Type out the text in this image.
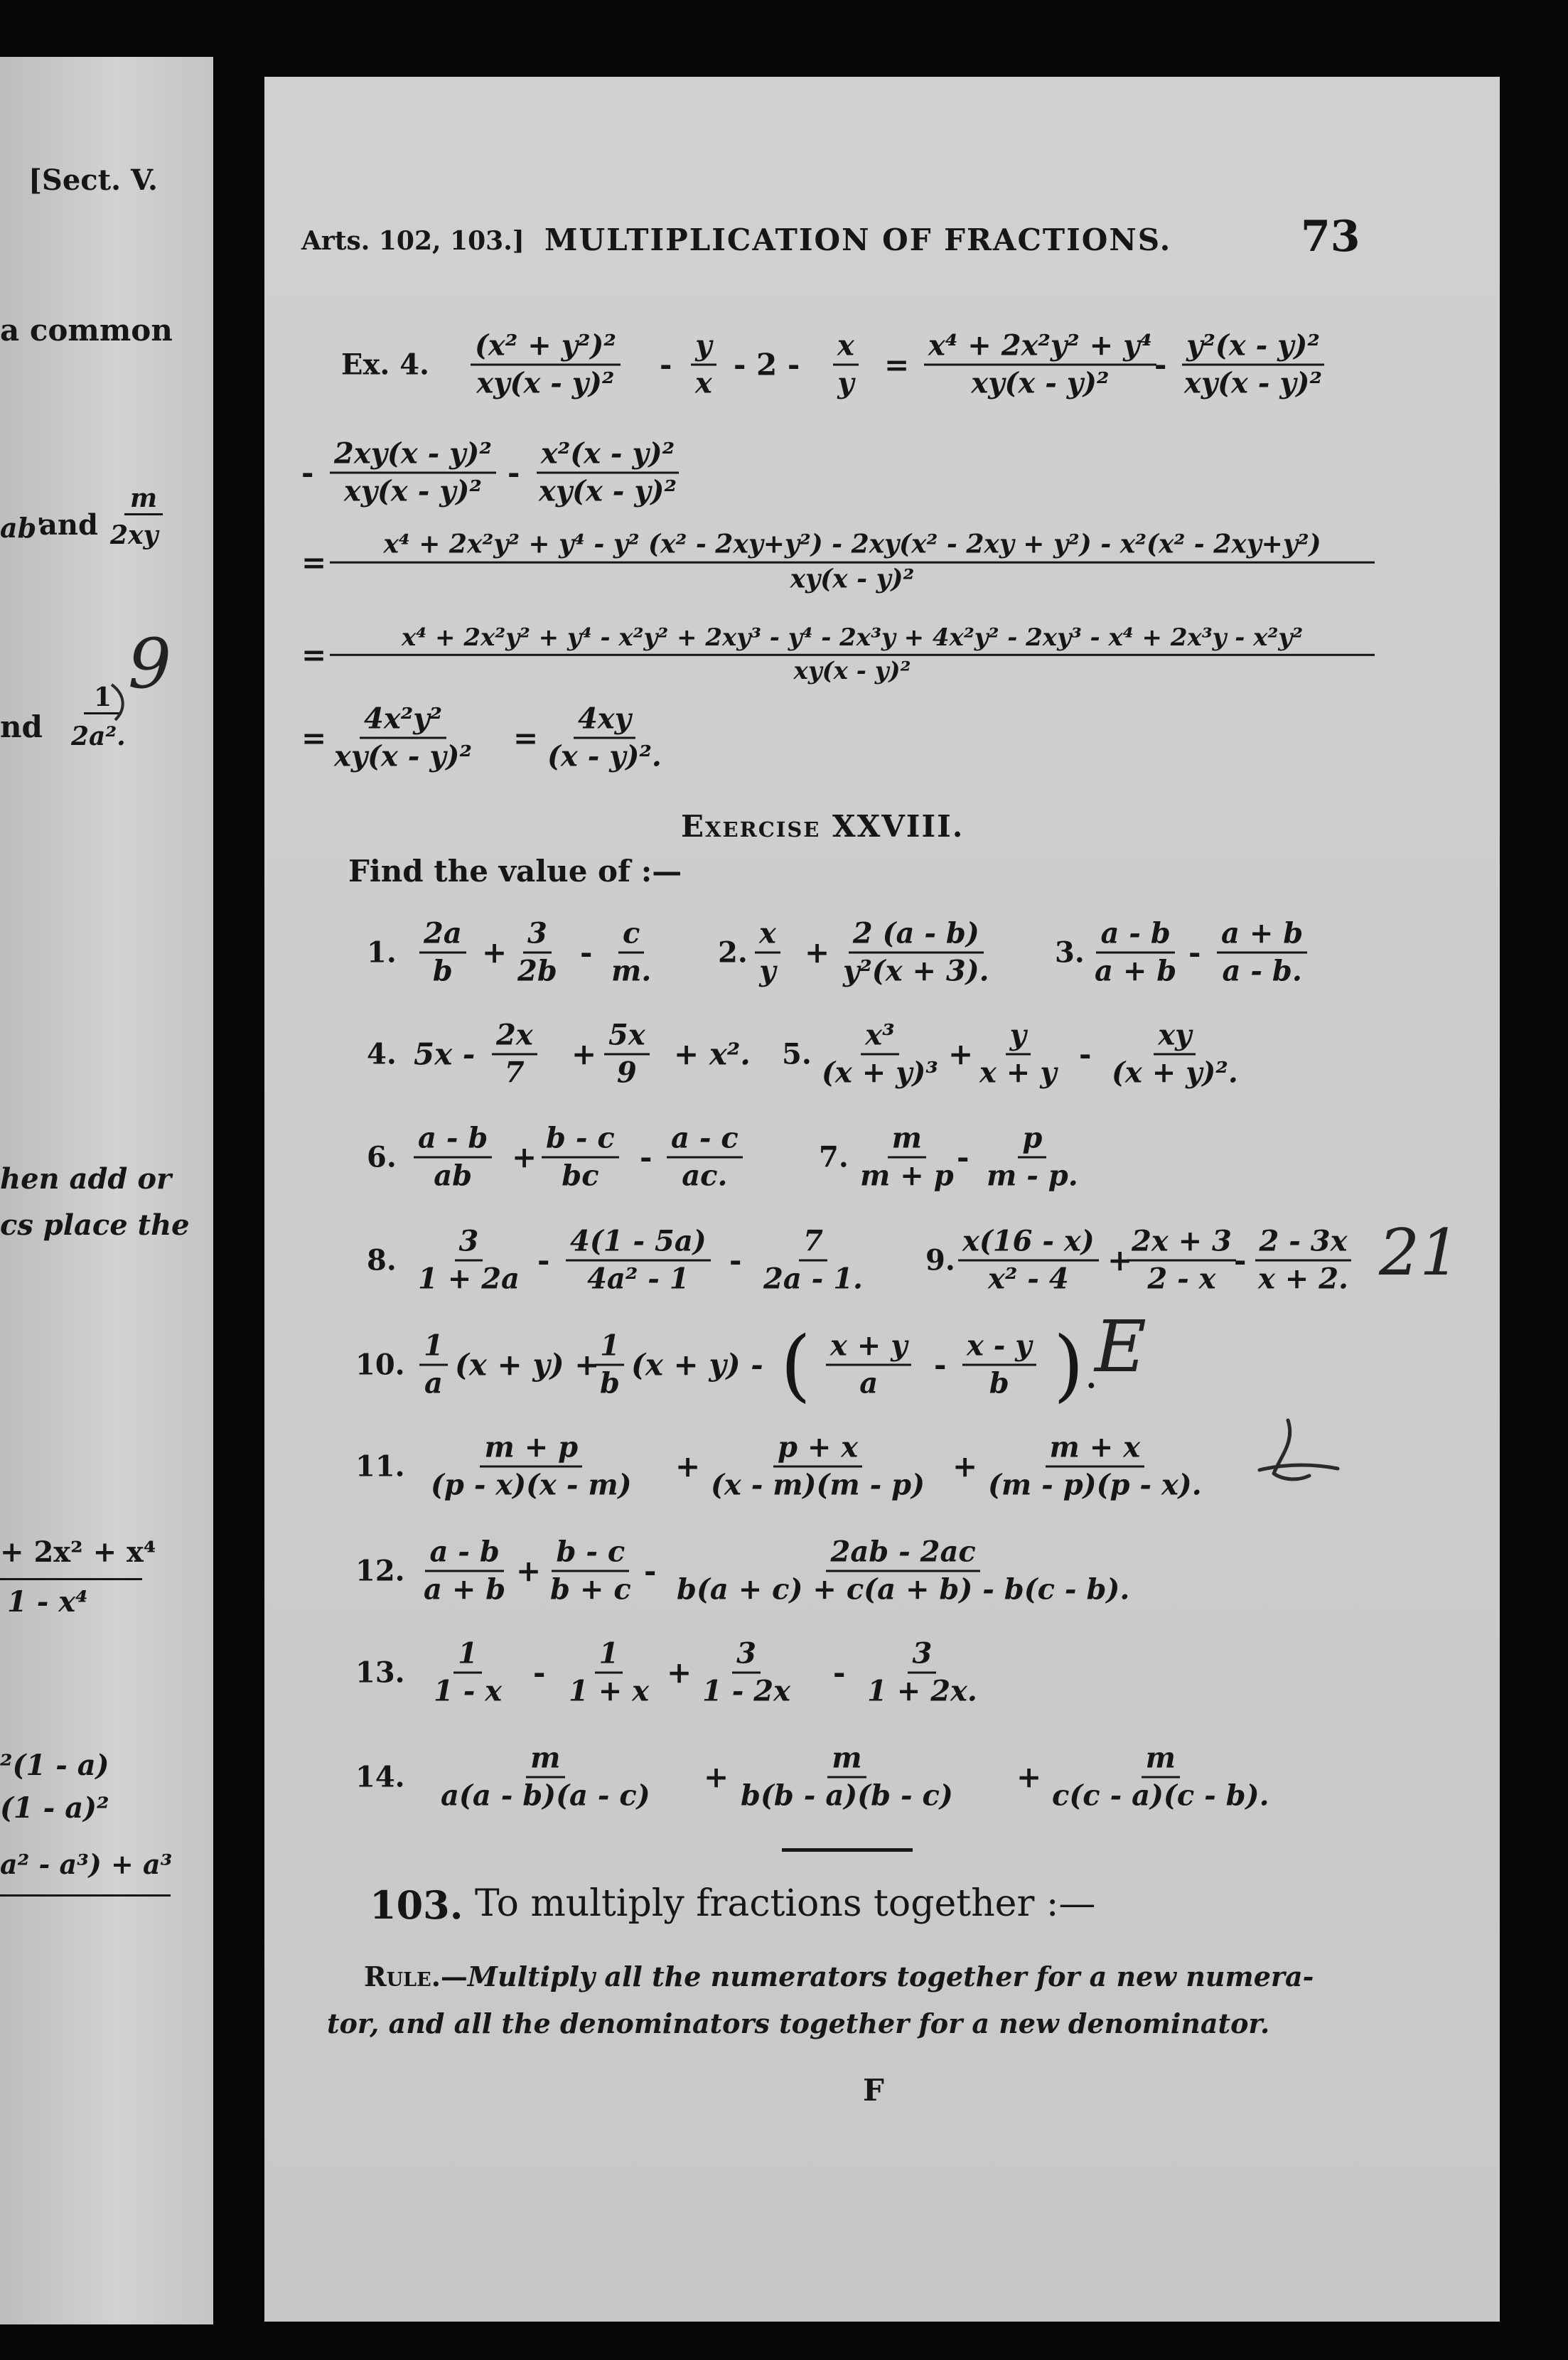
[Sect. V.
a common
ab'
and
m
2xy
nd
1
2a².
hen add or
cs place the
+ 2x² + x⁴
1 - x⁴
²(1 - a)
(1 - a)²
a² - a³) + a³
Arts. 102, 103.] MULTIPLICATION OF FRACTIONS.	73
Ex. 4. $\frac{\text{(x² + y²)²}}{\text{xy(x - y)²}} - \frac{y}{x} - 2 - \frac{x}{y} = \frac{\text{x⁴ + 2x²y² + y⁴}}{\text{xy(x - y)²}}$
- $\frac{\text{y²(x - y)²}}{\text{xy(x - y)²}}$
- $\frac{\text{2xy(x - y)²}}{\text{xy(x - y)²}} - \frac{\text{x²(x - y)²}}{\text{xy(x - y)²}}$
=
x⁴ + 2x²y² + y⁴ - y² (x² - 2xy+y²) - 2xy(x² - 2xy + y²) - x²(x² - 2xy+y²)
xy(x - y)²
=	x⁴ + 2x²y² + y⁴ - x²y² + 2xy³ - y⁴ - 2x³y + 4x²y² - 2xy³ - x⁴ + 2x³y - x²y²
xy(x - y)²
= $\frac{\text{4x²y²}}{\text{xy(x - y)²}} = \frac{4xy}{\text{(x - y)².}}$
Exercise XXVIII.
Find the value of :—
1. $\frac{2a}{b} + \frac{3}{2b} - \frac{c}{m.} 2$. $\frac{x}{y} + \frac{2 (a - b)}{\text{y²(x + 3).}} 3$. $\frac{a - b}{a + b} - \frac{a + b}{a - b.}$
4. $5x - \frac{2x}{7} + \frac{5x}{9} + x^2$. 5. $\frac{\text{x³}}{\text{(x + y)³}} + \frac{y}{x + y} - \frac{xy}{\text{(x + y)².}}$
6. $\frac{a - b}{ab} + \frac{b - c}{bc} - \frac{a - c}{ac.}$	7. $\frac{m}{m + p}$
- $\frac{p}{m - p.}$
8. $\frac{3}{1 + 2a} - \frac{4(1 - 5a)}{\text{4a² - 1}} - \frac{7}{2a - 1.} 9$. $\frac{x(16 - x)}{\text{x² - 4}}$ +
$\frac{2x + 3}{2 - x}$
- $\frac{2 - 3x}{x + 2.}$
10. $\frac{1}{a} (x + y)$ +
$\frac{1}{b} (x + y)$ - ( $\frac{x + y}{a} - \frac{x - y}{b}$ ) .
11. $\frac{m + p}{(p - x)(x - m)} + \frac{p + x}{(x - m)(m - p)} + \frac{m + x}{(m - p)(p - x).}$
12. $\frac{a - b}{a + b} + \frac{b - c}{b + c} - \frac{2ab - 2ac}{b(a + c) + c(a + b) - b(c - b).}$
13. $\frac{1}{1 - x} - \frac{1}{1 + x} + \frac{3}{1 - 2x} - \frac{3}{1 + 2x.}$
14. $\frac{m}{a(a - b)(a - c)} + \frac{m}{b(b - a)(b - c)} + \frac{m}{c(c - a)(c - b).}$
103. To multiply fractions together :—
Rule.—Multiply all the numerators together for a new numera-
tor, and all the denominators together for a new denominator.
F
9
21
E
